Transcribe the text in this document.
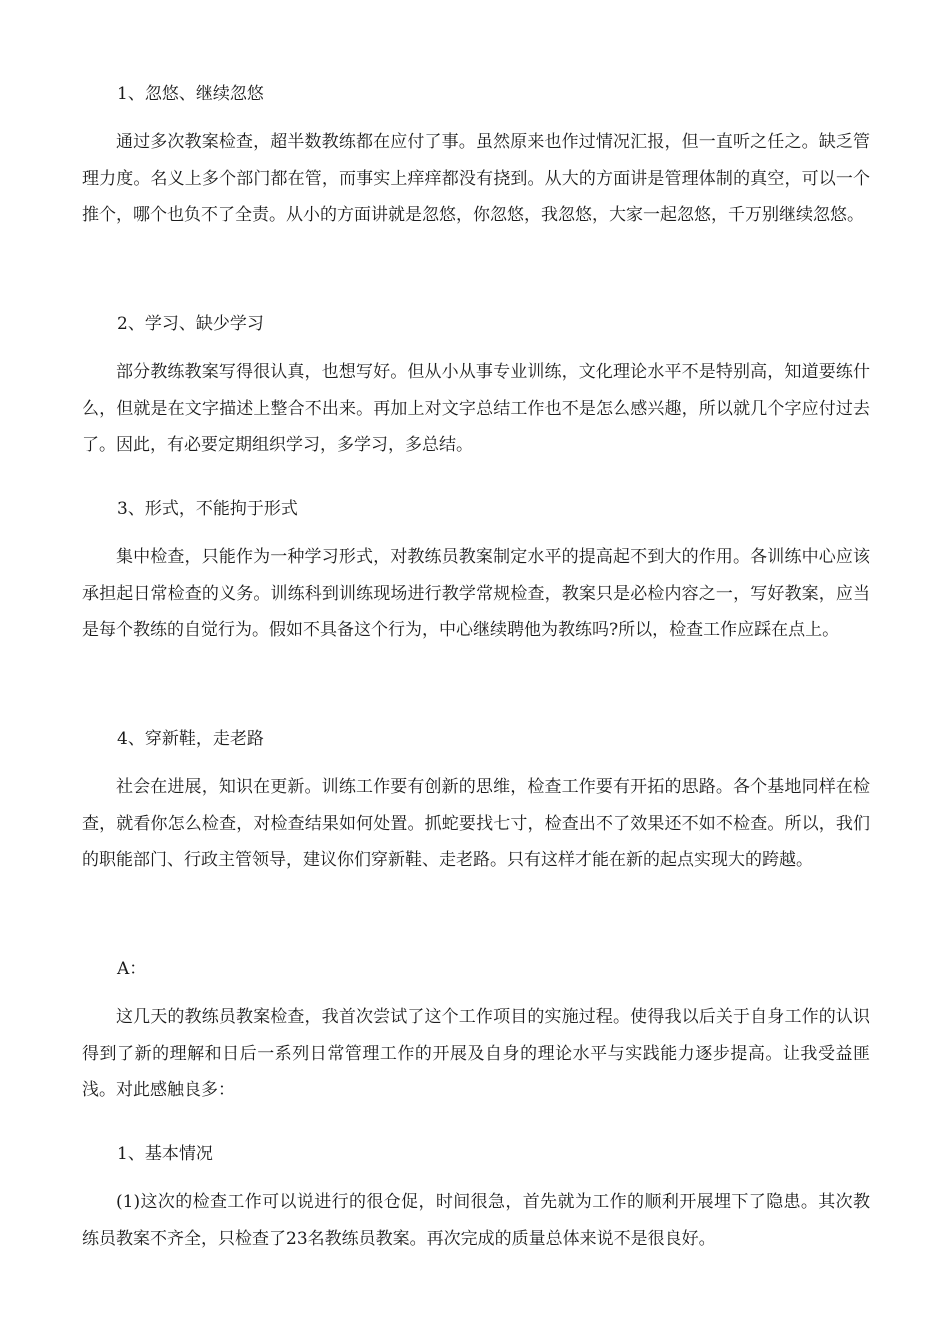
1、忽悠、继续忽悠

通过多次教案检查，超半数教练都在应付了事。虽然原来也作过情况汇报，但一直听之任之。缺乏管理力度。名义上多个部门都在管，而事实上痒痒都没有挠到。从大的方面讲是管理体制的真空，可以一个推个，哪个也负不了全责。从小的方面讲就是忽悠，你忽悠，我忽悠，大家一起忽悠，千万别继续忽悠。

2、学习、缺少学习

部分教练教案写得很认真，也想写好。但从小从事专业训练，文化理论水平不是特别高，知道要练什么，但就是在文字描述上整合不出来。再加上对文字总结工作也不是怎么感兴趣，所以就几个字应付过去了。因此，有必要定期组织学习，多学习，多总结。

3、形式，不能拘于形式

集中检查，只能作为一种学习形式，对教练员教案制定水平的提高起不到大的作用。各训练中心应该承担起日常检查的义务。训练科到训练现场进行教学常规检查，教案只是必检内容之一，写好教案，应当是每个教练的自觉行为。假如不具备这个行为，中心继续聘他为教练吗?所以，检查工作应踩在点上。

4、穿新鞋，走老路

社会在进展，知识在更新。训练工作要有创新的思维，检查工作要有开拓的思路。各个基地同样在检查，就看你怎么检查，对检查结果如何处置。抓蛇要找七寸，检查出不了效果还不如不检查。所以，我们的职能部门、行政主管领导，建议你们穿新鞋、走老路。只有这样才能在新的起点实现大的跨越。

A：

这几天的教练员教案检查，我首次尝试了这个工作项目的实施过程。使得我以后关于自身工作的认识得到了新的理解和日后一系列日常管理工作的开展及自身的理论水平与实践能力逐步提高。让我受益匪浅。对此感触良多：

1、基本情况

(1)这次的检查工作可以说进行的很仓促，时间很急，首先就为工作的顺利开展埋下了隐患。其次教练员教案不齐全，只检查了23名教练员教案。再次完成的质量总体来说不是很良好。
